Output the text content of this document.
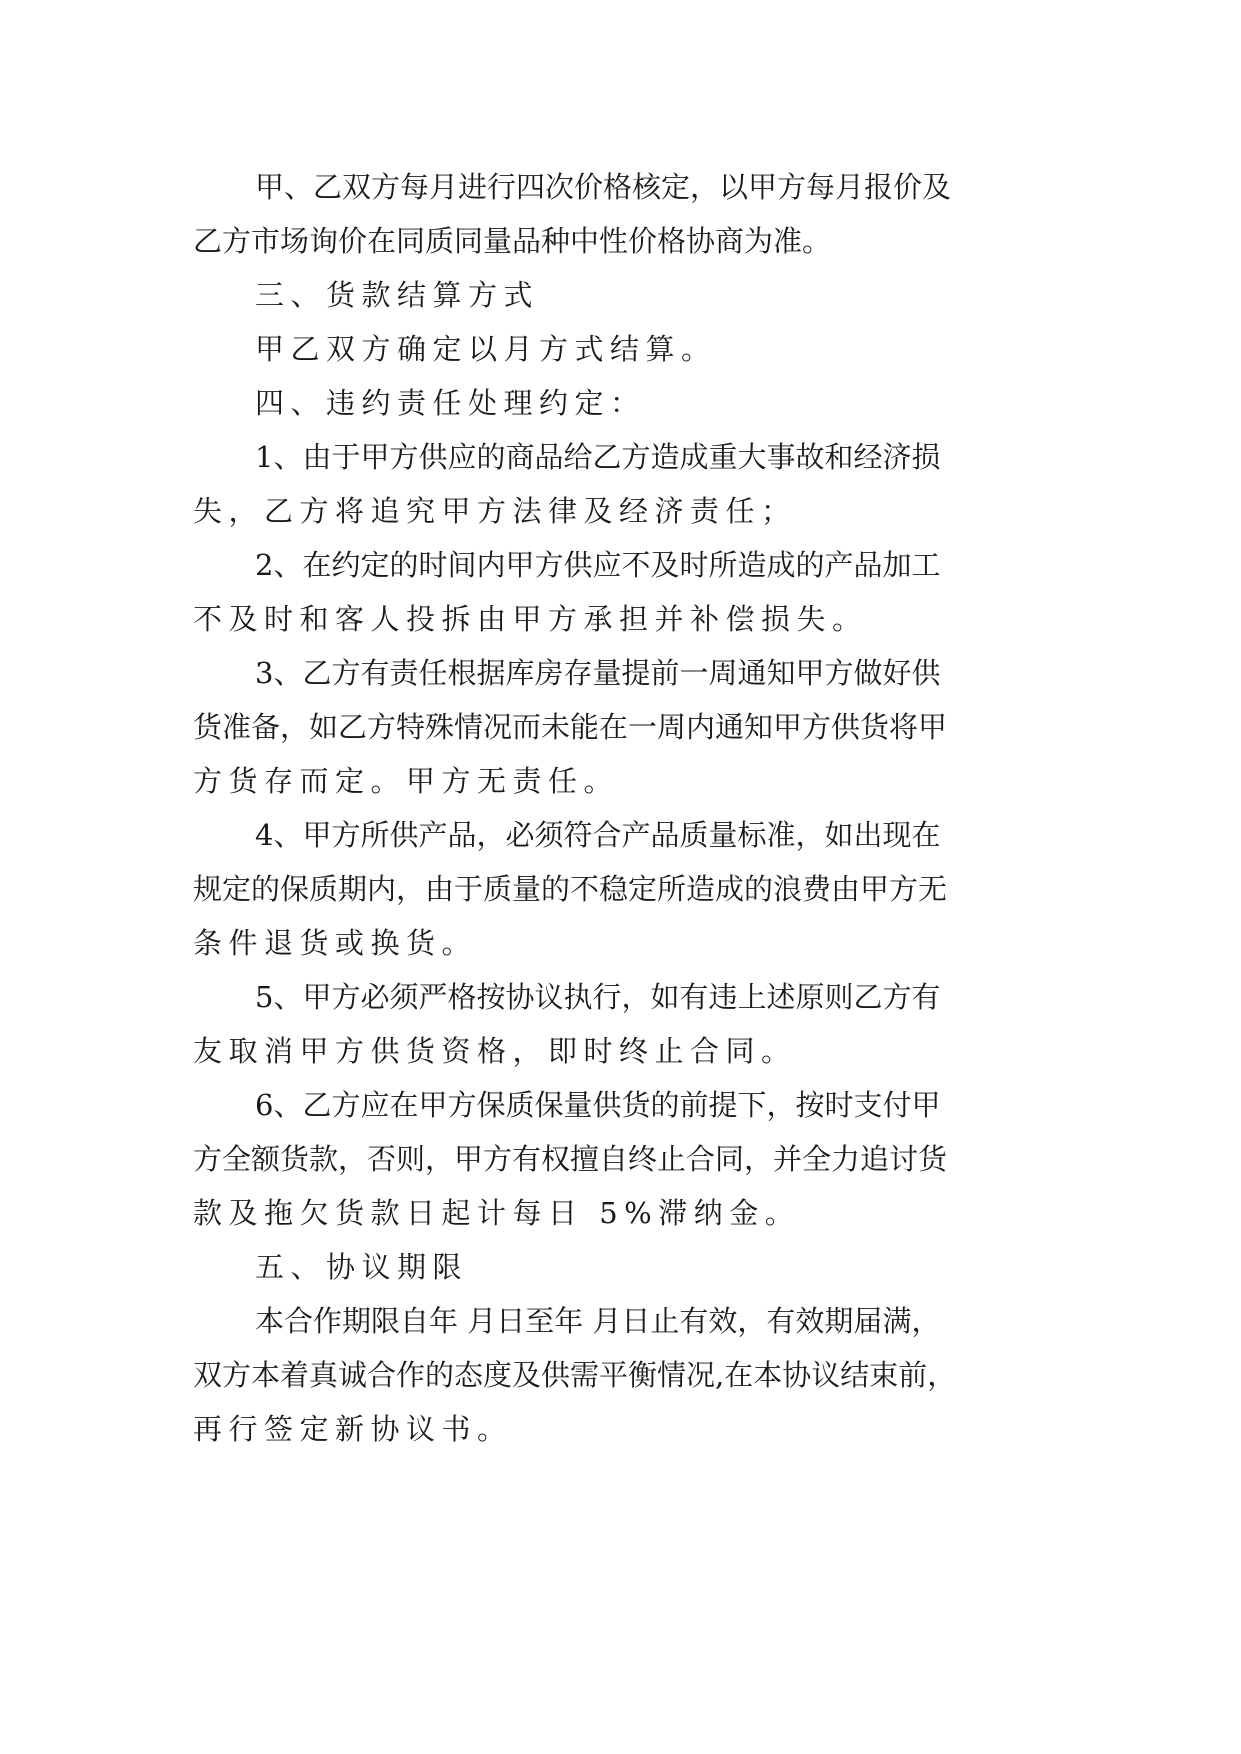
甲、乙双方每月进行四次价格核定，以甲方每月报价及
乙方市场询价在同质同量品种中性价格协商为准。
三、货款结算方式
甲乙双方确定以月方式结算。
四、违约责任处理约定：
1、由于甲方供应的商品给乙方造成重大事故和经济损
失，乙方将追究甲方法律及经济责任；
2、在约定的时间内甲方供应不及时所造成的产品加工
不及时和客人投拆由甲方承担并补偿损失。
3、乙方有责任根据库房存量提前一周通知甲方做好供
货准备，如乙方特殊情况而未能在一周内通知甲方供货将甲
方货存而定。甲方无责任。
4、甲方所供产品，必须符合产品质量标准，如出现在
规定的保质期内，由于质量的不稳定所造成的浪费由甲方无
条件退货或换货。
5、甲方必须严格按协议执行，如有违上述原则乙方有
友取消甲方供货资格，即时终止合同。
6、乙方应在甲方保质保量供货的前提下，按时支付甲
方全额货款，否则，甲方有权擅自终止合同，并全力追讨货
款及拖欠货款日起计每日 5%滞纳金。
五、协议期限
本合作期限自年 月日至年 月日止有效，有效期届满，
双方本着真诚合作的态度及供需平衡情况,在本协议结束前，
再行签定新协议书。
